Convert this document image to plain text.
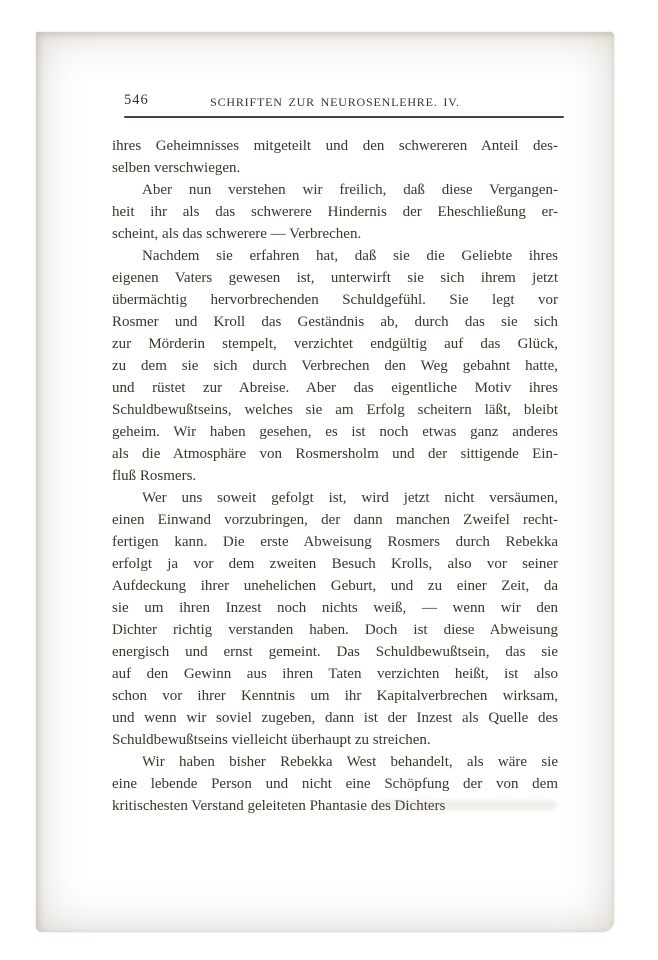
546	SCHRIFTEN ZUR NEUROSENLEHRE. IV.
ihres Geheimnisses mitgeteilt und den schwereren Anteil des-
selben verschwiegen.
Aber nun verstehen wir freilich, daß diese Vergangen-
heit ihr als das schwerere Hindernis der Eheschließung er-
scheint, als das schwerere — Verbrechen.
Nachdem sie erfahren hat, daß sie die Geliebte ihres
eigenen Vaters gewesen ist, unterwirft sie sich ihrem jetzt
übermächtig hervorbrechenden Schuldgefühl. Sie legt vor
Rosmer und Kroll das Geständnis ab, durch das sie sich
zur Mörderin stempelt, verzichtet endgültig auf das Glück,
zu dem sie sich durch Verbrechen den Weg gebahnt hatte,
und rüstet zur Abreise. Aber das eigentliche Motiv ihres
Schuldbewußtseins, welches sie am Erfolg scheitern läßt, bleibt
geheim. Wir haben gesehen, es ist noch etwas ganz anderes
als die Atmosphäre von Rosmersholm und der sittigende Ein-
fluß Rosmers.
Wer uns soweit gefolgt ist, wird jetzt nicht versäumen,
einen Einwand vorzubringen, der dann manchen Zweifel recht-
fertigen kann. Die erste Abweisung Rosmers durch Rebekka
erfolgt ja vor dem zweiten Besuch Krolls, also vor seiner
Aufdeckung ihrer unehelichen Geburt, und zu einer Zeit, da
sie um ihren Inzest noch nichts weiß, — wenn wir den
Dichter richtig verstanden haben. Doch ist diese Abweisung
energisch und ernst gemeint. Das Schuldbewußtsein, das sie
auf den Gewinn aus ihren Taten verzichten heißt, ist also
schon vor ihrer Kenntnis um ihr Kapitalverbrechen wirksam,
und wenn wir soviel zugeben, dann ist der Inzest als Quelle des
Schuldbewußtseins vielleicht überhaupt zu streichen.
Wir haben bisher Rebekka West behandelt, als wäre sie
eine lebende Person und nicht eine Schöpfung der von dem
kritischesten Verstand geleiteten Phantasie des Dichters
